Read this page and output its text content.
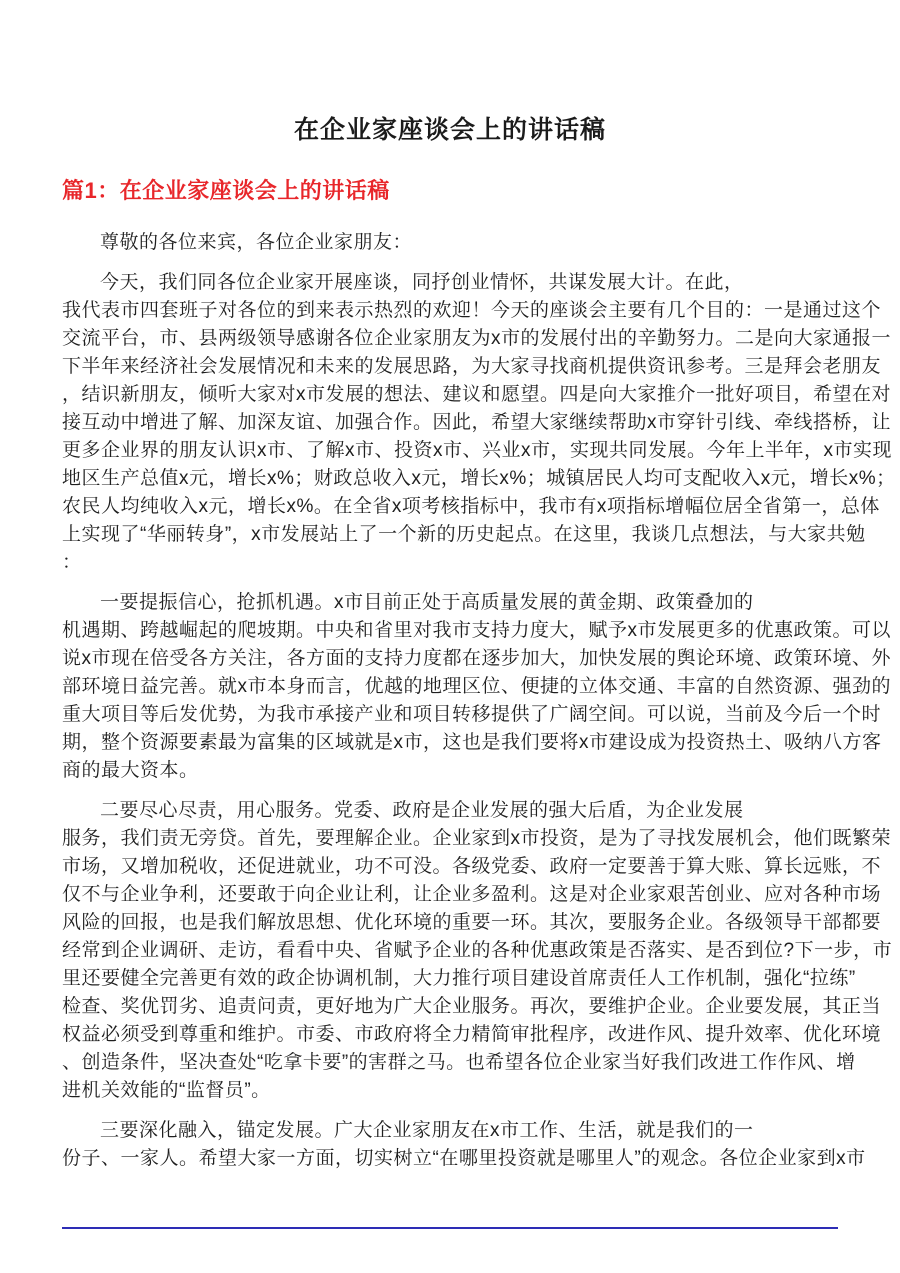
在企业家座谈会上的讲话稿
篇1：在企业家座谈会上的讲话稿

尊敬的各位来宾，各位企业家朋友：

今天，我们同各位企业家开展座谈，同抒创业情怀，共谋发展大计。在此，
我代表市四套班子对各位的到来表示热烈的欢迎！今天的座谈会主要有几个目的：一是通过这个
交流平台，市、县两级领导感谢各位企业家朋友为x市的发展付出的辛勤努力。二是向大家通报一
下半年来经济社会发展情况和未来的发展思路，为大家寻找商机提供资讯参考。三是拜会老朋友
，结识新朋友，倾听大家对x市发展的想法、建议和愿望。四是向大家推介一批好项目，希望在对
接互动中增进了解、加深友谊、加强合作。因此，希望大家继续帮助x市穿针引线、牵线搭桥，让
更多企业界的朋友认识x市、了解x市、投资x市、兴业x市，实现共同发展。今年上半年，x市实现
地区生产总值x元，增长x%；财政总收入x元，增长x%；城镇居民人均可支配收入x元，增长x%；
农民人均纯收入x元，增长x%。在全省x项考核指标中，我市有x项指标增幅位居全省第一，总体
上实现了“华丽转身”，x市发展站上了一个新的历史起点。在这里，我谈几点想法，与大家共勉
：

一要提振信心，抢抓机遇。x市目前正处于高质量发展的黄金期、政策叠加的
机遇期、跨越崛起的爬坡期。中央和省里对我市支持力度大，赋予x市发展更多的优惠政策。可以
说x市现在倍受各方关注，各方面的支持力度都在逐步加大，加快发展的舆论环境、政策环境、外
部环境日益完善。就x市本身而言，优越的地理区位、便捷的立体交通、丰富的自然资源、强劲的
重大项目等后发优势，为我市承接产业和项目转移提供了广阔空间。可以说，当前及今后一个时
期，整个资源要素最为富集的区域就是x市，这也是我们要将x市建设成为投资热土、吸纳八方客
商的最大资本。

二要尽心尽责，用心服务。党委、政府是企业发展的强大后盾，为企业发展
服务，我们责无旁贷。首先，要理解企业。企业家到x市投资，是为了寻找发展机会，他们既繁荣
市场，又增加税收，还促进就业，功不可没。各级党委、政府一定要善于算大账、算长远账，不
仅不与企业争利，还要敢于向企业让利，让企业多盈利。这是对企业家艰苦创业、应对各种市场
风险的回报，也是我们解放思想、优化环境的重要一环。其次，要服务企业。各级领导干部都要
经常到企业调研、走访，看看中央、省赋予企业的各种优惠政策是否落实、是否到位?下一步，市
里还要健全完善更有效的政企协调机制，大力推行项目建设首席责任人工作机制，强化“拉练”
检查、奖优罚劣、追责问责，更好地为广大企业服务。再次，要维护企业。企业要发展，其正当
权益必须受到尊重和维护。市委、市政府将全力精简审批程序，改进作风、提升效率、优化环境
、创造条件，坚决查处“吃拿卡要”的害群之马。也希望各位企业家当好我们改进工作作风、增
进机关效能的“监督员”。

三要深化融入，锚定发展。广大企业家朋友在x市工作、生活，就是我们的一
份子、一家人。希望大家一方面，切实树立“在哪里投资就是哪里人”的观念。各位企业家到x市
